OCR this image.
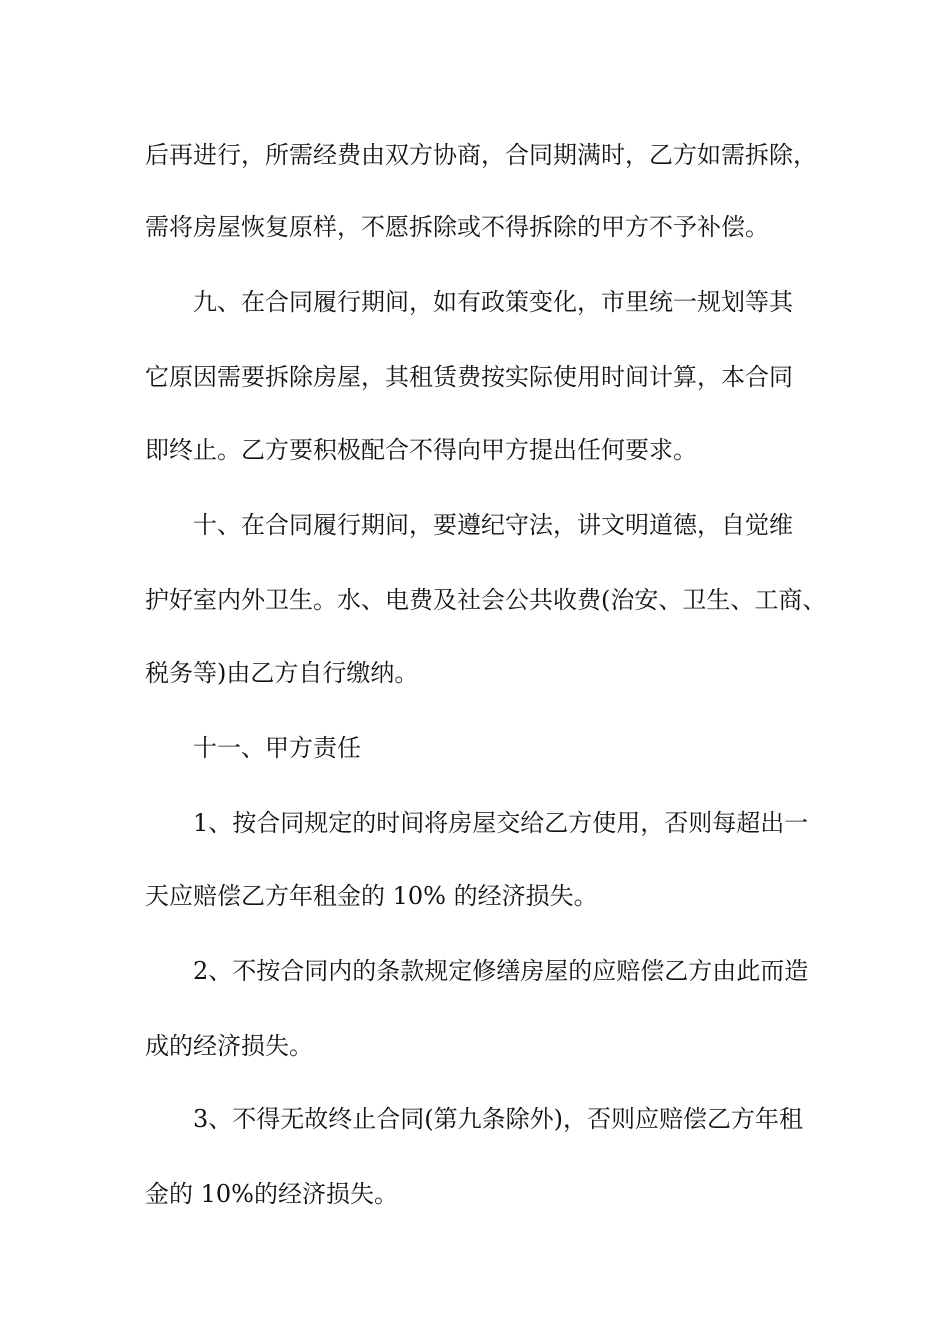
后再进行，所需经费由双方协商，合同期满时，乙方如需拆除，
需将房屋恢复原样，不愿拆除或不得拆除的甲方不予补偿。
九、在合同履行期间，如有政策变化，市里统一规划等其
它原因需要拆除房屋，其租赁费按实际使用时间计算，本合同
即终止。乙方要积极配合不得向甲方提出任何要求。
十、在合同履行期间，要遵纪守法，讲文明道德，自觉维
护好室内外卫生。水、电费及社会公共收费(治安、卫生、工商、
税务等)由乙方自行缴纳。
十一、甲方责任
1、按合同规定的时间将房屋交给乙方使用，否则每超出一
天应赔偿乙方年租金的 10% 的经济损失。
2、不按合同内的条款规定修缮房屋的应赔偿乙方由此而造
成的经济损失。
3、不得无故终止合同(第九条除外)，否则应赔偿乙方年租
金的 10%的经济损失。
